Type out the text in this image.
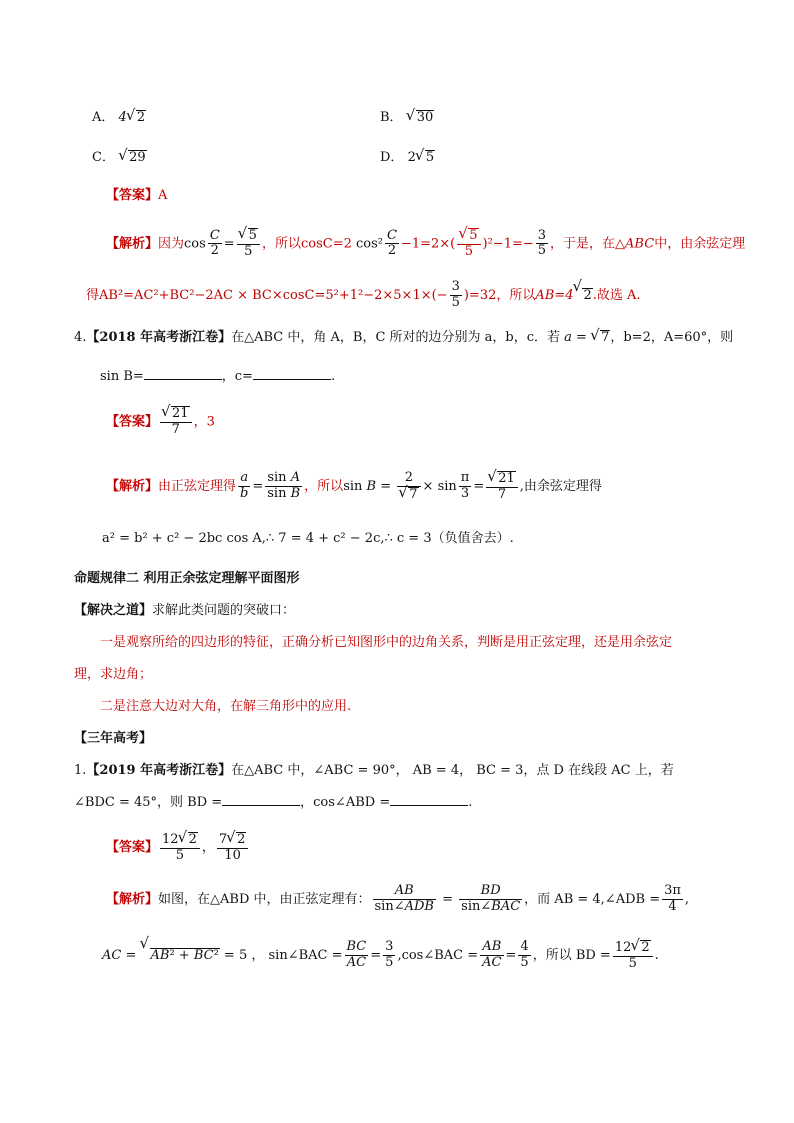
A． 4 √ 2	B． √ 30
C． √ 29	D． 2 √ 5
【答案】A
【解析】因为$\cos \frac{C}{2}$ = √ $\frac{5}{5}$ ，所以cosC=2 $\cos^2 \frac{C}{2} -1=2\times$( √ $\frac{5}{5} )^2-1=- \frac{3}{5}$ ，于是，在△ABC中，由余弦定理
得$AB^2=AC^2+BC^2-2AC \times BC\times\cos C=5^2+1^2-2\times 5\times 1\times(- \frac{3}{5} )=32$，所以AB=4 √ 2.故选 A.
4.【2018 年高考浙江卷】在△ABC 中，角 A，B，C 所对的边分别为 a，b，c．若 a = √ 7，b=2，A=60°，则
sin B=	，c=	.
【答案】 √ $\frac{21}{7}$ ，3
【解析】由正弦定理得 $\frac{a}{b} = \frac{\text{sin A}}{\text{sin B}}$ ，所以sin B = 2
√ $7 \times \sin \frac{\pi}{3}$ = √ $\frac{21}{7}$ ,由余弦定理得
a² = b² + c² − 2bc cos A,∴ 7 = 4 + c² − 2c,∴ c = 3（负值舍去）.
命题规律二 利用正余弦定理解平面图形
【解决之道】求解此类问题的突破口：
一是观察所给的四边形的特征，正确分析已知图形中的边角关系，判断是用正弦定理，还是用余弦定
理，求边角；
二是注意大边对大角，在解三角形中的应用.
【三年高考】
1.【2019 年高考浙江卷】在△ABC 中，∠ABC = 90°， AB = 4， BC = 3，点 D 在线段 AC 上，若
∠BDC = 45°，则 BD =	，cos∠ABD =	.
【答案】 $\frac{12 √ 2}{5}$ ， $\frac{7 √ 2}{10}$
【解析】如图，在△ABD 中，由正弦定理有： $\frac{AB}{\text{sin∠ADB}} = \frac{BD}{\text{sin∠BAC}}$ ，而 AB = 4,∠ADB = $\frac{3\pi}{4}$ ,
AC = √ AB² + BC² = 5 ， sin∠BAC = $\frac{BC}{AC} = \frac{3}{5}$ ,cos∠BAC = $\frac{AB}{AC} = \frac{4}{5}$ ，所以 BD = $\frac{12 √ 2}{5}$ .
